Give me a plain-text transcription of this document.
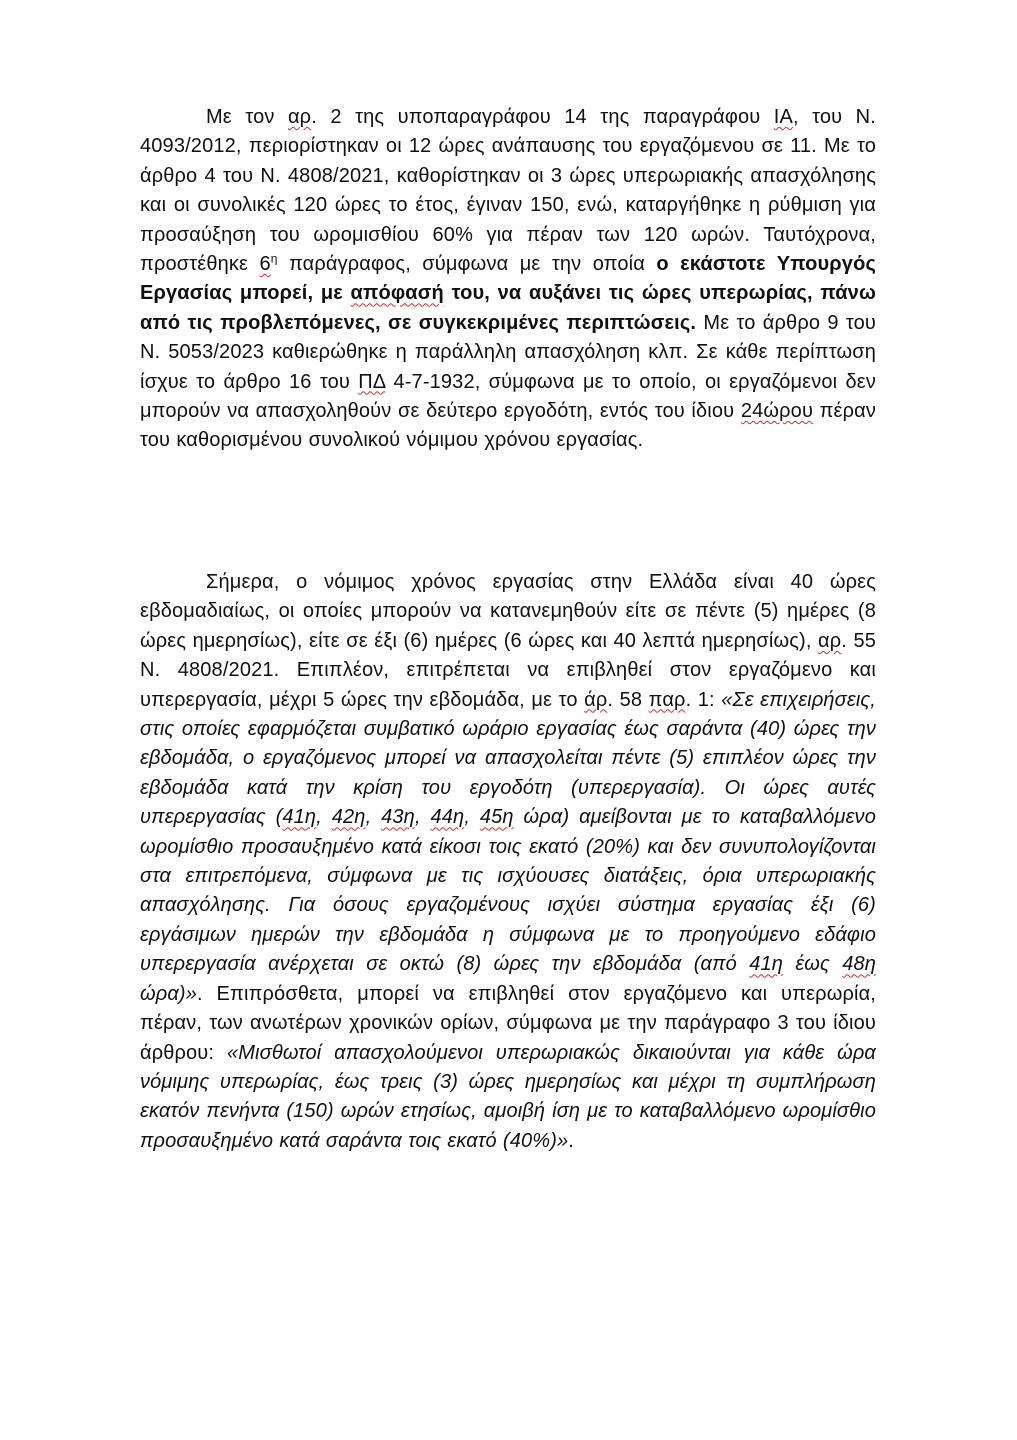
Με τον αρ. 2 της υποπαραγράφου 14 της παραγράφου ΙΑ, του Ν. 4093/2012, περιορίστηκαν οι 12 ώρες ανάπαυσης του εργαζόμενου σε 11. Με το άρθρο 4 του Ν. 4808/2021, καθορίστηκαν οι 3 ώρες υπερωριακής απασχόλησης και οι συνολικές 120 ώρες το έτος, έγιναν 150, ενώ, καταργήθηκε η ρύθμιση για προσαύξηση του ωρομισθίου 60% για πέραν των 120 ωρών. Ταυτόχρονα, προστέθηκε $6^\eta$ παράγραφος, σύμφωνα με την οποία ο εκάστοτε Υπουργός Εργασίας μπορεί, με απόφασή του, να αυξάνει τις ώρες υπερωρίας, πάνω από τις προβλεπόμενες, σε συγκεκριμένες περιπτώσεις. Με το άρθρο 9 του Ν. 5053/2023 καθιερώθηκε η παράλληλη απασχόληση κλπ. Σε κάθε περίπτωση ίσχυε το άρθρο 16 του ΠΔ 4-7-1932, σύμφωνα με το οποίο, οι εργαζόμενοι δεν μπορούν να απασχοληθούν σε δεύτερο εργοδότη, εντός του ίδιου 24ώρου πέραν του καθορισμένου συνολικού νόμιμου χρόνου εργασίας.

Σήμερα, ο νόμιμος χρόνος εργασίας στην Ελλάδα είναι 40 ώρες εβδομαδιαίως, οι οποίες μπορούν να κατανεμηθούν είτε σε πέντε (5) ημέρες (8 ώρες ημερησίως), είτε σε έξι (6) ημέρες (6 ώρες και 40 λεπτά ημερησίως), αρ. 55 Ν. 4808/2021. Επιπλέον, επιτρέπεται να επιβληθεί στον εργαζόμενο και υπερεργασία, μέχρι 5 ώρες την εβδομάδα, με το άρ. 58 παρ. 1: «Σε επιχειρήσεις, στις οποίες εφαρμόζεται συμβατικό ωράριο εργασίας έως σαράντα (40) ώρες την εβδομάδα, ο εργαζόμενος μπορεί να απασχολείται πέντε (5) επιπλέον ώρες την εβδομάδα κατά την κρίση του εργοδότη (υπερεργασία). Οι ώρες αυτές υπερεργασίας (41η, 42η, 43η, 44η, 45η ώρα) αμείβονται με το καταβαλλόμενο ωρομίσθιο προσαυξημένο κατά είκοσι τοις εκατό (20%) και δεν συνυπολογίζονται στα επιτρεπόμενα, σύμφωνα με τις ισχύουσες διατάξεις, όρια υπερωριακής απασχόλησης. Για όσους εργαζομένους ισχύει σύστημα εργασίας έξι (6) εργάσιμων ημερών την εβδομάδα η σύμφωνα με το προηγούμενο εδάφιο υπερεργασία ανέρχεται σε οκτώ (8) ώρες την εβδομάδα (από 41η έως 48η ώρα)». Επιπρόσθετα, μπορεί να επιβληθεί στον εργαζόμενο και υπερωρία, πέραν, των ανωτέρων χρονικών ορίων, σύμφωνα με την παράγραφο 3 του ίδιου άρθρου: «Μισθωτοί απασχολούμενοι υπερωριακώς δικαιούνται για κάθε ώρα νόμιμης υπερωρίας, έως τρεις (3) ώρες ημερησίως και μέχρι τη συμπλήρωση εκατόν πενήντα (150) ωρών ετησίως, αμοιβή ίση με το καταβαλλόμενο ωρομίσθιο προσαυξημένο κατά σαράντα τοις εκατό (40%)».
